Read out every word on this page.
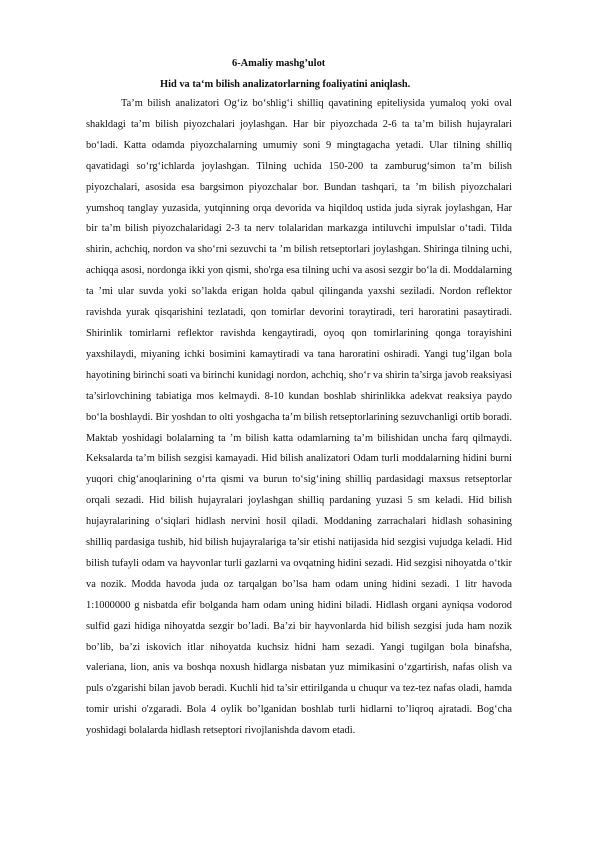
6-Amaliy mashg’ulot
Hid va ta‘m bilish analizatorlarning foaliyatini aniqlash.

Ta’m bilish analizatori Og‘iz bo‘shlig‘i shilliq qavatining epiteliysida yumaloq yoki oval shakldagi ta’m bilish piyozchalari joylashgan. Har bir piyozchada 2-6 ta ta’m bilish hujayralari bo‘ladi. Katta odamda piyozchalarning umumiy soni 9 mingtagacha yetadi. Ular tilning shilliq qavatidagi so‘rg‘ichlarda joylashgan. Tilning uchida 150-200 ta zamburug‘simon ta’m bilish piyozchalari, asosida esa bargsimon piyozchalar bor. Bundan tashqari, ta ’m bilish piyozchalari yumshoq tanglay yuzasida, yutqinning orqa devorida va hiqildoq ustida juda siyrak joylashgan, Har bir ta’m bilish piyozchalaridagi 2-3 ta nerv tolalaridan markazga intiluvchi impulslar o‘tadi. Tilda shirin, achchiq, nordon va sho‘rni sezuvchi ta ’m bilish retseptorlari joylashgan. Shiringa tilning uchi, achiqqa asosi, nordonga ikki yon qismi, sho'rga esa tilning uchi va asosi sezgir bo‘la di. Moddalarning ta ’mi ular suvda yoki so’lakda erigan holda qabul qilinganda yaxshi seziladi. Nordon reflektor ravishda yurak qisqarishini tezlatadi, qon tomirlar devorini toraytiradi, teri haroratini pasaytiradi. Shirinlik tomirlarni reflektor ravishda kengaytiradi, oyoq qon tomirlarining qonga torayishini yaxshilaydi, miyaning ichki bosimini kamaytiradi va tana haroratini oshiradi. Yangi tug’ilgan bola hayotining birinchi soati va birinchi kunidagi nordon, achchiq, sho‘r va shirin ta’sirga javob reaksiyasi ta’sirlovchining tabiatiga mos kelmaydi. 8-10 kundan boshlab shirinlikka adekvat reaksiya paydo bo‘la boshlaydi. Bir yoshdan to olti yoshgacha ta’m bilish retseptorlarining sezuvchanligi ortib boradi. Maktab yoshidagi bolalarning ta ’m bilish katta odamlarning ta’m bilishidan uncha farq qilmaydi. Keksalarda ta’m bilish sezgisi kamayadi. Hid bilish analizatori Odam turli moddalarning hidini burni yuqori chig‘anoqlarining o‘rta qismi va burun to‘sig‘ining shilliq pardasidagi maxsus retseptorlar orqali sezadi. Hid bilish hujayralari joylashgan shilliq pardaning yuzasi 5 sm keladi. Hid bilish hujayralarining o‘siqlari hidlash nervini hosil qiladi. Moddaning zarrachalari hidlash sohasining shilliq pardasiga tushib, hid bilish hujayralariga ta’sir etishi natijasida hid sezgisi vujudga keladi. Hid bilish tufayli odam va hayvonlar turli gazlarni va ovqatning hidini sezadi. Hid sezgisi nihoyatda o‘tkir va nozik. Modda havoda juda oz tarqalgan bo’lsa ham odam uning hidini sezadi. 1 litr havoda 1:1000000 g nisbatda efir bolganda ham odam uning hidini biladi. Hidlash organi ayniqsa vodorod sulfid gazi hidiga nihoyatda sezgir bo’ladi. Ba’zi bir hayvonlarda hid bilish sezgisi juda ham nozik bo’lib, ba’zi iskovich itlar nihoyatda kuchsiz hidni ham sezadi. Yangi tugilgan bola binafsha, valeriana, lion, anis va boshqa noxush hidlarga nisbatan yuz mimikasini o‘zgartirish, nafas olish va puls o'zgarishi bilan javob beradi. Kuchli hid ta’sir ettirilganda u chuqur va tez-tez nafas oladi, hamda tomir urishi o'zgaradi. Bola 4 oylik bo’lganidan boshlab turli hidlarni to’liqroq ajratadi. Bog‘cha yoshidagi bolalarda hidlash retseptori rivojlanishda davom etadi.
